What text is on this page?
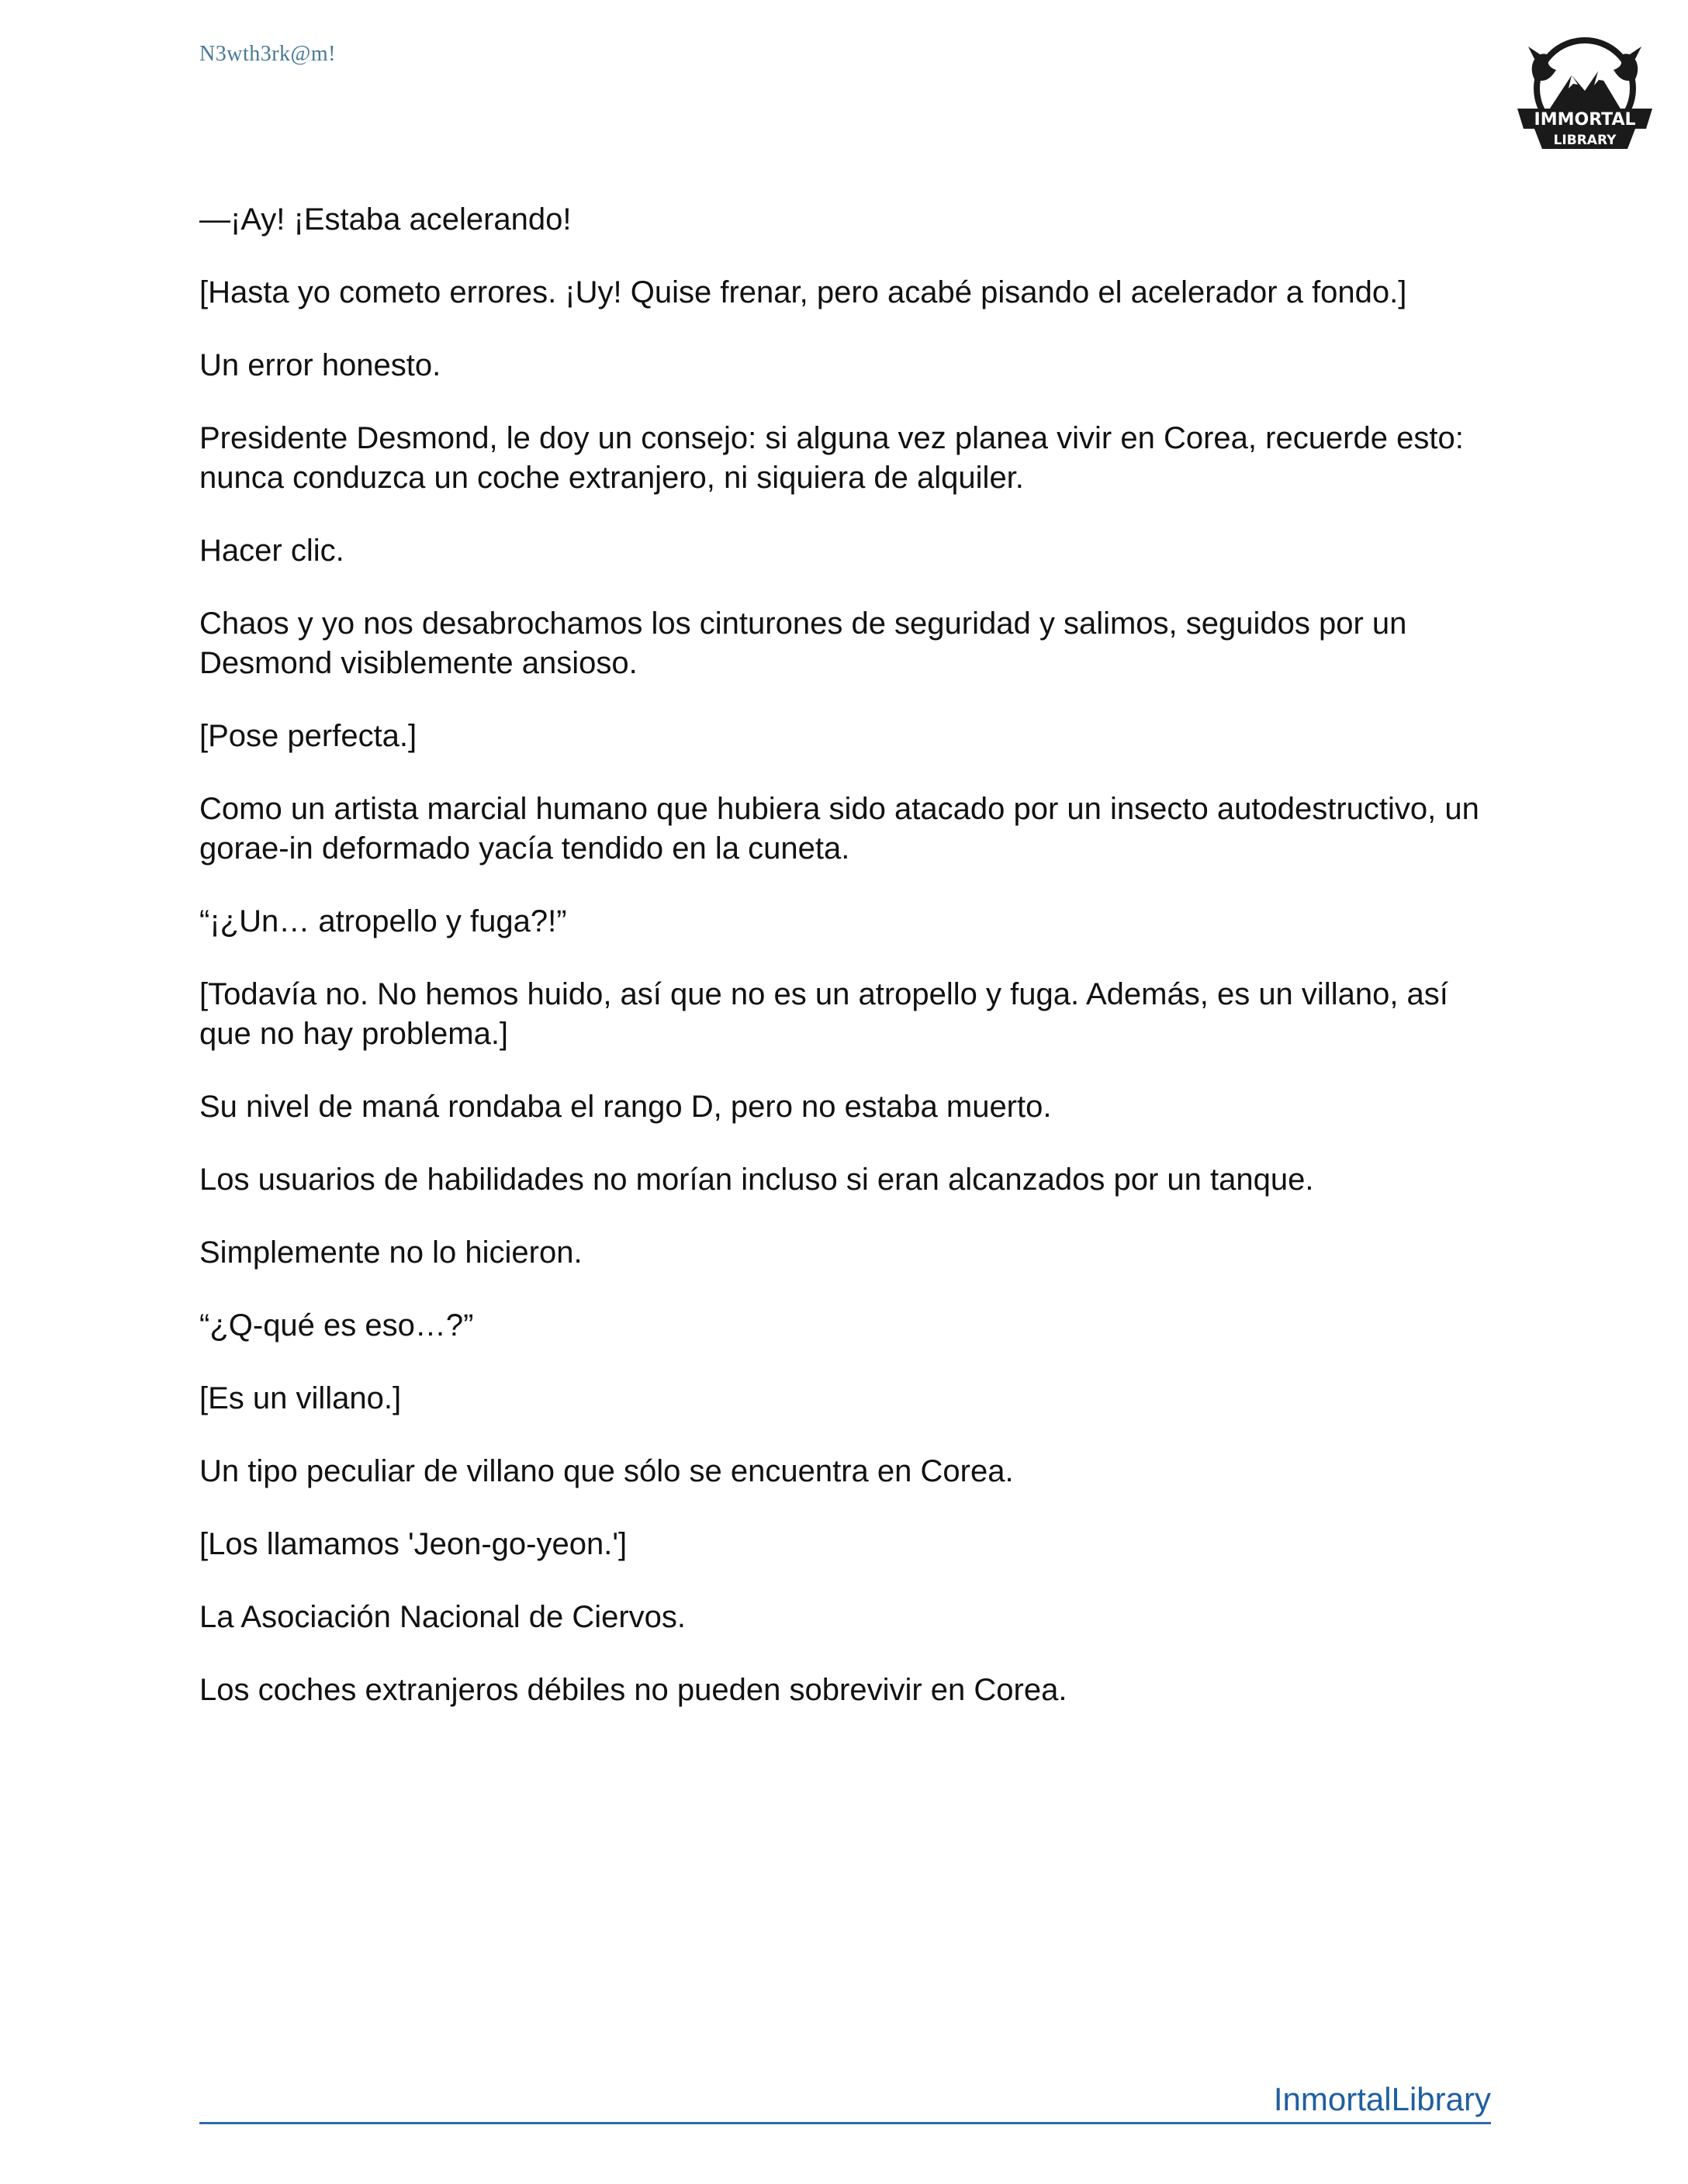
N3wth3rk@m!
IMMORTAL
LIBRARY

—¡Ay! ¡Estaba acelerando!

[Hasta yo cometo errores. ¡Uy! Quise frenar, pero acabé pisando el acelerador a fondo.]

Un error honesto.

Presidente Desmond, le doy un consejo: si alguna vez planea vivir en Corea, recuerde esto: nunca conduzca un coche extranjero, ni siquiera de alquiler.

Hacer clic.

Chaos y yo nos desabrochamos los cinturones de seguridad y salimos, seguidos por un Desmond visiblemente ansioso.

[Pose perfecta.]

Como un artista marcial humano que hubiera sido atacado por un insecto autodestructivo, un gorae-in deformado yacía tendido en la cuneta.

“¡¿Un… atropello y fuga?!”

[Todavía no. No hemos huido, así que no es un atropello y fuga. Además, es un villano, así que no hay problema.]

Su nivel de maná rondaba el rango D, pero no estaba muerto.

Los usuarios de habilidades no morían incluso si eran alcanzados por un tanque.

Simplemente no lo hicieron.

“¿Q-qué es eso…?”

[Es un villano.]

Un tipo peculiar de villano que sólo se encuentra en Corea.

[Los llamamos 'Jeon-go-yeon.']

La Asociación Nacional de Ciervos.

Los coches extranjeros débiles no pueden sobrevivir en Corea.

InmortalLibrary
